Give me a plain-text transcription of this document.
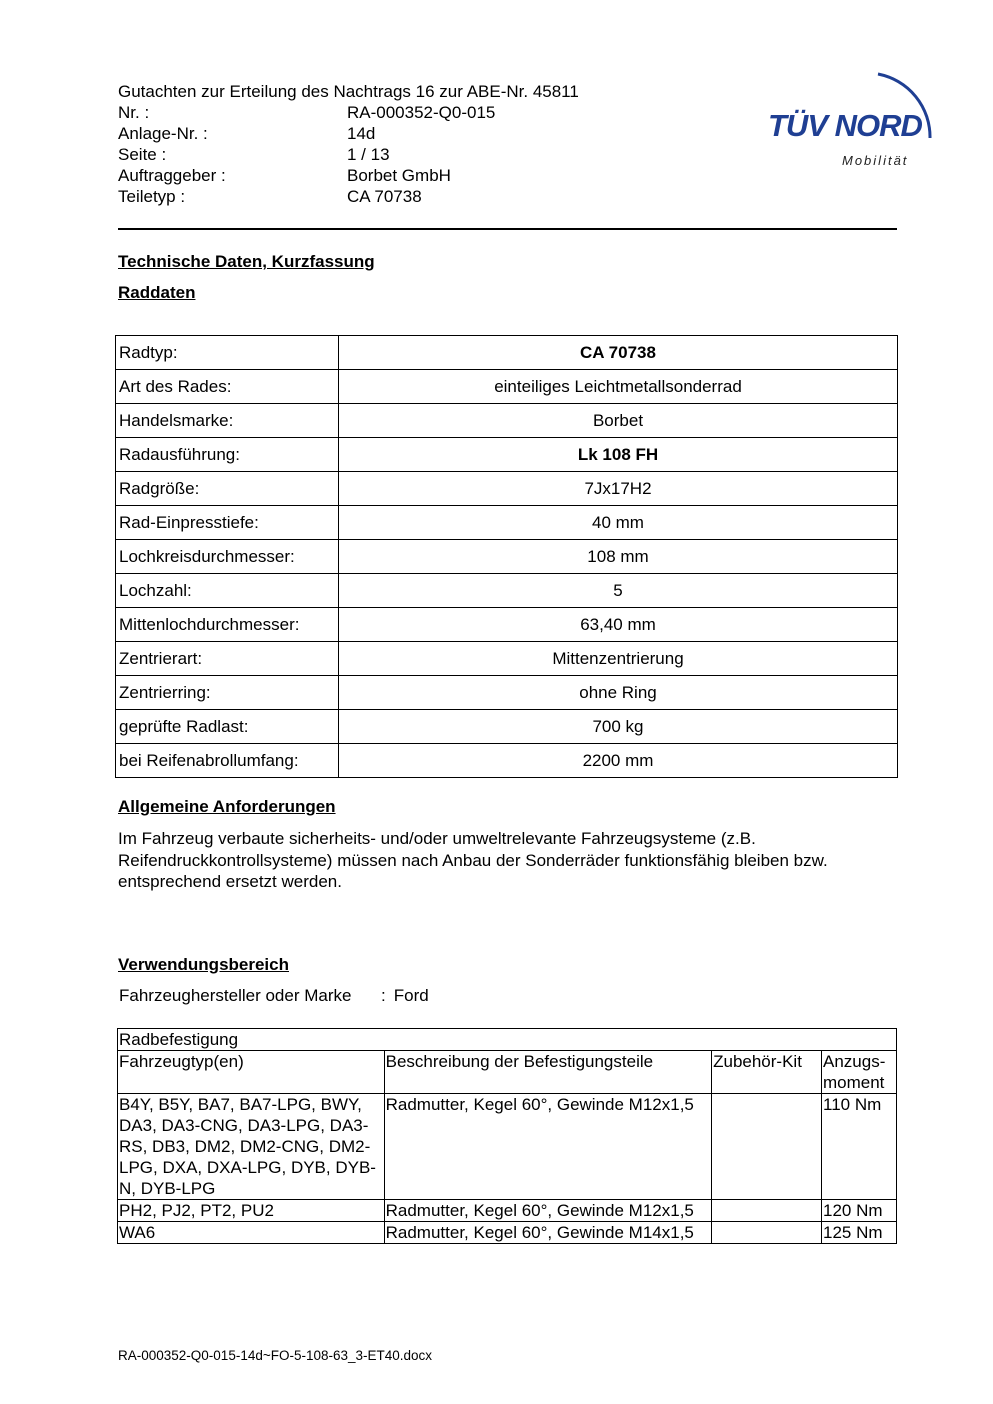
Gutachten zur Erteilung des Nachtrags 16 zur ABE-Nr. 45811
Nr. :	RA-000352-Q0-015
Anlage-Nr. :	14d
Seite :	1 / 13
Auftraggeber :	Borbet GmbH
Teiletyp :	CA 70738
TÜV NORD
Mobilität
Technische Daten, Kurzfassung
Raddaten
Radtyp:	CA 70738
Art des Rades:	einteiliges Leichtmetallsonderrad
Handelsmarke:	Borbet
Radausführung:	Lk 108 FH
Radgröße:	7Jx17H2
Rad-Einpresstiefe:	40 mm
Lochkreisdurchmesser:	108 mm
Lochzahl:	5
Mittenlochdurchmesser:	63,40 mm
Zentrierart:	Mittenzentrierung
Zentrierring:	ohne Ring
geprüfte Radlast:	700 kg
bei Reifenabrollumfang:	2200 mm
Allgemeine Anforderungen

Im Fahrzeug verbaute sicherheits- und/oder umweltrelevante Fahrzeugsysteme (z.B.

Reifendruckkontrollsysteme) müssen nach Anbau der Sonderräder funktionsfähig bleiben bzw.

entsprechend ersetzt werden.

Verwendungsbereich
Fahrzeughersteller oder Marke	: Ford
Radbefestigung			
Fahrzeugtyp(en)	Beschreibung der Befestigungsteile	Zubehör-Kit	Anzugs-moment
B4Y, B5Y, BA7, BA7-LPG, BWY, DA3, DA3-CNG, DA3-LPG, DA3-RS, DB3, DM2, DM2-CNG, DM2-LPG, DXA, DXA-LPG, DYB, DYB-N, DYB-LPG	Radmutter, Kegel 60°, Gewinde M12x1,5		110 Nm
PH2, PJ2, PT2, PU2	Radmutter, Kegel 60°, Gewinde M12x1,5		120 Nm
WA6	Radmutter, Kegel 60°, Gewinde M14x1,5		125 Nm
RA-000352-Q0-015-14d~FO-5-108-63_3-ET40.docx
